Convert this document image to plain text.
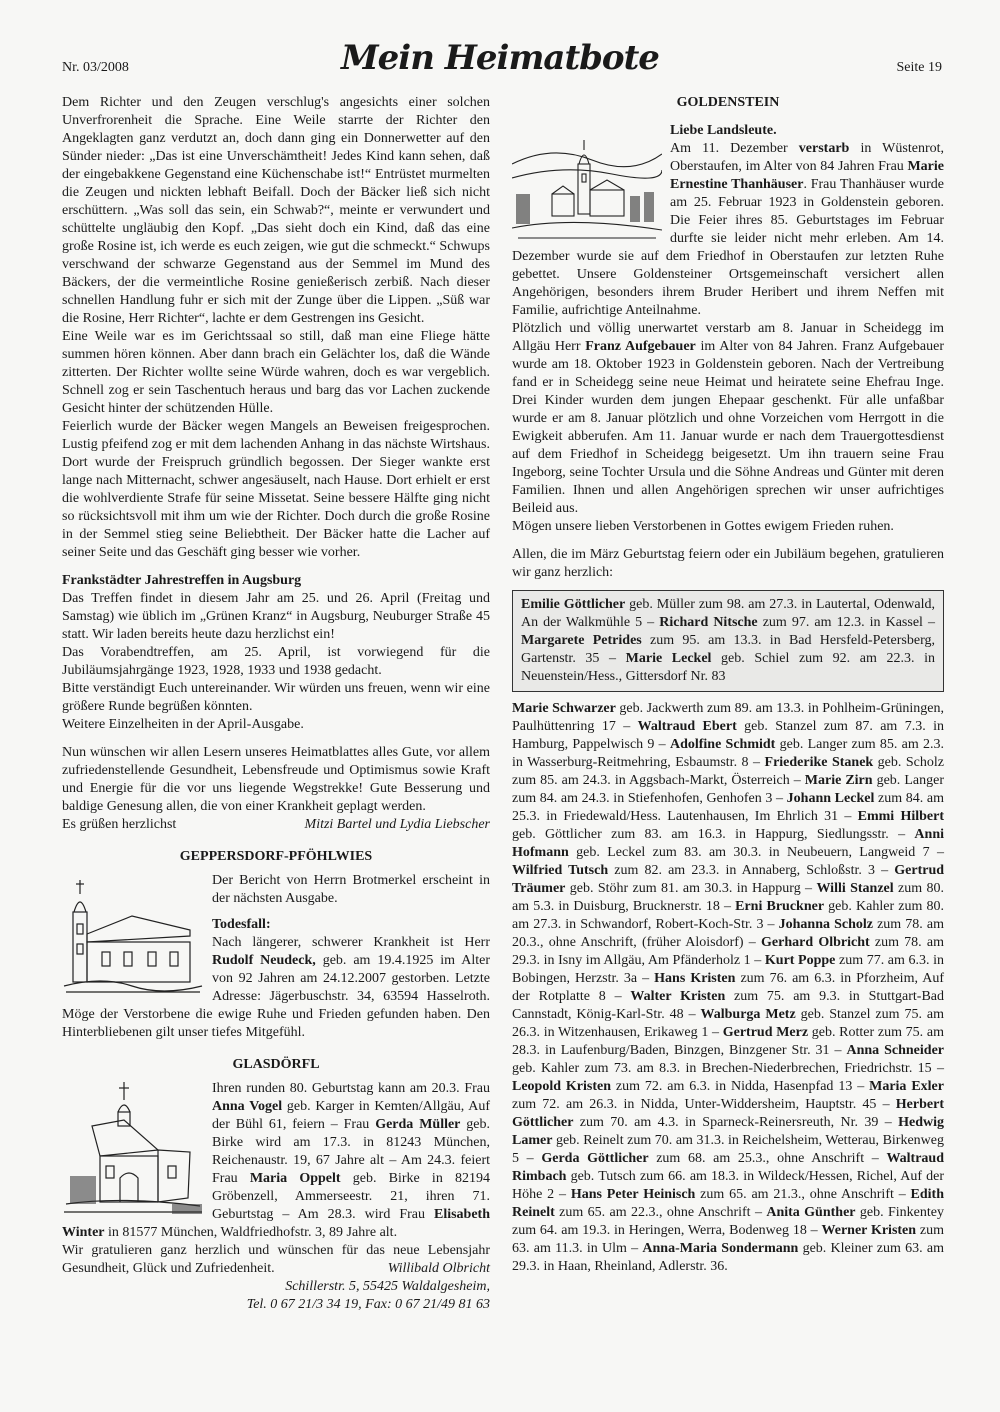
Nr. 03/2008	Mein Heimatbote	Seite 19

Dem Richter und den Zeugen verschlug's angesichts einer solchen Unverfrorenheit die Sprache. Eine Weile starrte der Richter den Angeklagten ganz verdutzt an, doch dann ging ein Donnerwetter auf den Sünder nieder: „Das ist eine Unverschämtheit! Jedes Kind kann sehen, daß der eingebakkene Gegenstand eine Küchenschabe ist!“ Entrüstet murmelten die Zeugen und nickten lebhaft Beifall. Doch der Bäcker ließ sich nicht erschüttern. „Was soll das sein, ein Schwab?“, meinte er verwundert und schüttelte ungläubig den Kopf. „Das sieht doch ein Kind, daß das eine große Rosine ist, ich werde es euch zeigen, wie gut die schmeckt.“ Schwups verschwand der schwarze Gegenstand aus der Semmel im Mund des Bäckers, der die vermeintliche Rosine genießerisch zerbiß. Nach dieser schnellen Handlung fuhr er sich mit der Zunge über die Lippen. „Süß war die Rosine, Herr Richter“, lachte er dem Gestrengen ins Gesicht.

Eine Weile war es im Gerichtssaal so still, daß man eine Fliege hätte summen hören können. Aber dann brach ein Gelächter los, daß die Wände zitterten. Der Richter wollte seine Würde wahren, doch es war vergeblich. Schnell zog er sein Taschentuch heraus und barg das vor Lachen zuckende Gesicht hinter der schützenden Hülle.

Feierlich wurde der Bäcker wegen Mangels an Beweisen freigesprochen. Lustig pfeifend zog er mit dem lachenden Anhang in das nächste Wirtshaus. Dort wurde der Freispruch gründlich begossen. Der Sieger wankte erst lange nach Mitternacht, schwer angesäuselt, nach Hause. Dort erhielt er erst die wohlverdiente Strafe für seine Missetat. Seine bessere Hälfte ging nicht so rücksichtsvoll mit ihm um wie der Richter. Doch durch die große Rosine in der Semmel stieg seine Beliebtheit. Der Bäcker hatte die Lacher auf seiner Seite und das Geschäft ging besser wie vorher.

Frankstädter Jahrestreffen in Augsburg

Das Treffen findet in diesem Jahr am 25. und 26. April (Freitag und Samstag) wie üblich im „Grünen Kranz“ in Augsburg, Neuburger Straße 45 statt. Wir laden bereits heute dazu herzlichst ein!

Das Vorabendtreffen, am 25. April, ist vorwiegend für die Jubiläumsjahrgänge 1923, 1928, 1933 und 1938 gedacht.

Bitte verständigt Euch untereinander. Wir würden uns freuen, wenn wir eine größere Runde begrüßen könnten.

Weitere Einzelheiten in der April-Ausgabe.

Nun wünschen wir allen Lesern unseres Heimatblattes alles Gute, vor allem zufriedenstellende Gesundheit, Lebensfreude und Optimismus sowie Kraft und Energie für die vor uns liegende Wegstrekke! Gute Besserung und baldige Genesung allen, die von einer Krankheit geplagt werden.

Es grüßen herzlichst	Mitzi Bartel und Lydia Liebscher

GEPPERSDORF-PFÖHLWIES

Der Bericht von Herrn Brotmerkel erscheint in der nächsten Ausgabe.

Todesfall:

Nach längerer, schwerer Krankheit ist Herr Rudolf Neudeck, geb. am 19.4.1925 im Alter von 92 Jahren am 24.12.2007 gestorben. Letzte Adresse: Jägerbuschstr. 34, 63594 Hasselroth. Möge der Verstorbene die ewige Ruhe und Frieden gefunden haben. Den Hinterbliebenen gilt unser tiefes Mitgefühl.

GLASDÖRFL

Ihren runden 80. Geburtstag kann am 20.3. Frau Anna Vogel geb. Karger in Kemten/Allgäu, Auf der Bühl 61, feiern – Frau Gerda Müller geb. Birke wird am 17.3. in 81243 München, Reichenaustr. 19, 67 Jahre alt – Am 24.3. feiert Frau Maria Oppelt geb. Birke in 82194 Gröbenzell, Ammerseestr. 21, ihren 71. Geburtstag – Am 28.3. wird Frau Elisabeth Winter in 81577 München, Waldfriedhofstr. 3, 89 Jahre alt.

Wir gratulieren ganz herzlich und wünschen für das neue Lebensjahr Gesundheit, Glück und Zufriedenheit.	Willibald Olbricht

Schillerstr. 5, 55425 Waldalgesheim,

Tel. 0 67 21/3 34 19, Fax: 0 67 21/49 81 63

GOLDENSTEIN

Liebe Landsleute.

Am 11. Dezember verstarb in Wüstenrot, Oberstaufen, im Alter von 84 Jahren Frau Marie Ernestine Thanhäuser. Frau Thanhäuser wurde am 25. Februar 1923 in Goldenstein geboren. Die Feier ihres 85. Geburtstages im Februar durfte sie leider nicht mehr erleben. Am 14. Dezember wurde sie auf dem Friedhof in Oberstaufen zur letzten Ruhe gebettet. Unsere Goldensteiner Ortsgemeinschaft versichert allen Angehörigen, besonders ihrem Bruder Heribert und ihrem Neffen mit Familie, aufrichtige Anteilnahme.

Plötzlich und völlig unerwartet verstarb am 8. Januar in Scheidegg im Allgäu Herr Franz Aufgebauer im Alter von 84 Jahren. Franz Aufgebauer wurde am 18. Oktober 1923 in Goldenstein geboren. Nach der Vertreibung fand er in Scheidegg seine neue Heimat und heiratete seine Ehefrau Inge. Drei Kinder wurden dem jungen Ehepaar geschenkt. Für alle unfaßbar wurde er am 8. Januar plötzlich und ohne Vorzeichen vom Herrgott in die Ewigkeit abberufen. Am 11. Januar wurde er nach dem Trauergottesdienst auf dem Friedhof in Scheidegg beigesetzt. Um ihn trauern seine Frau Ingeborg, seine Tochter Ursula und die Söhne Andreas und Günter mit deren Familien. Ihnen und allen Angehörigen sprechen wir unser aufrichtiges Beileid aus.

Mögen unsere lieben Verstorbenen in Gottes ewigem Frieden ruhen.

Allen, die im März Geburtstag feiern oder ein Jubiläum begehen, gratulieren wir ganz herzlich:

Emilie Göttlicher geb. Müller zum 98. am 27.3. in Lautertal, Odenwald, An der Walkmühle 5 – Richard Nitsche zum 97. am 12.3. in Kassel – Margarete Petrides zum 95. am 13.3. in Bad Hersfeld-Petersberg, Gartenstr. 35 – Marie Leckel geb. Schiel zum 92. am 22.3. in Neuenstein/Hess., Gittersdorf Nr. 83

Marie Schwarzer geb. Jackwerth zum 89. am 13.3. in Pohlheim-Grüningen, Paulhüttenring 17 – Waltraud Ebert geb. Stanzel zum 87. am 7.3. in Hamburg, Pappelwisch 9 – Adolfine Schmidt geb. Langer zum 85. am 2.3. in Wasserburg-Reitmehring, Esbaumstr. 8 – Friederike Stanek geb. Scholz zum 85. am 24.3. in Aggsbach-Markt, Österreich – Marie Zirn geb. Langer zum 84. am 24.3. in Stiefenhofen, Genhofen 3 – Johann Leckel zum 84. am 25.3. in Friedewald/Hess. Lautenhausen, Im Ehrlich 31 – Emmi Hilbert geb. Göttlicher zum 83. am 16.3. in Happurg, Siedlungsstr. – Anni Hofmann geb. Leckel zum 83. am 30.3. in Neubeuern, Langweid 7 – Wilfried Tutsch zum 82. am 23.3. in Annaberg, Schloßstr. 3 – Gertrud Träumer geb. Stöhr zum 81. am 30.3. in Happurg – Willi Stanzel zum 80. am 5.3. in Duisburg, Brucknerstr. 18 – Erni Bruckner geb. Kahler zum 80. am 27.3. in Schwandorf, Robert-Koch-Str. 3 – Johanna Scholz zum 78. am 20.3., ohne Anschrift, (früher Aloisdorf) – Gerhard Olbricht zum 78. am 29.3. in Isny im Allgäu, Am Pfänderholz 1 – Kurt Poppe zum 77. am 6.3. in Bobingen, Herzstr. 3a – Hans Kristen zum 76. am 6.3. in Pforzheim, Auf der Rotplatte 8 – Walter Kristen zum 75. am 9.3. in Stuttgart-Bad Cannstadt, König-Karl-Str. 48 – Walburga Metz geb. Stanzel zum 75. am 26.3. in Witzenhausen, Erikaweg 1 – Gertrud Merz geb. Rotter zum 75. am 28.3. in Laufenburg/Baden, Binzgen, Binzgener Str. 31 – Anna Schneider geb. Kahler zum 73. am 8.3. in Brechen-Niederbrechen, Friedrichstr. 15 – Leopold Kristen zum 72. am 6.3. in Nidda, Hasenpfad 13 – Maria Exler zum 72. am 26.3. in Nidda, Unter-Widdersheim, Hauptstr. 45 – Herbert Göttlicher zum 70. am 4.3. in Sparneck-Reinersreuth, Nr. 39 – Hedwig Lamer geb. Reinelt zum 70. am 31.3. in Reichelsheim, Wetterau, Birkenweg 5 – Gerda Göttlicher zum 68. am 25.3., ohne Anschrift – Waltraud Rimbach geb. Tutsch zum 66. am 18.3. in Wildeck/Hessen, Richel, Auf der Höhe 2 – Hans Peter Heinisch zum 65. am 21.3., ohne Anschrift – Edith Reinelt zum 65. am 22.3., ohne Anschrift – Anita Günther geb. Finkentey zum 64. am 19.3. in Heringen, Werra, Bodenweg 18 – Werner Kristen zum 63. am 11.3. in Ulm – Anna-Maria Sondermann geb. Kleiner zum 63. am 29.3. in Haan, Rheinland, Adlerstr. 36.
